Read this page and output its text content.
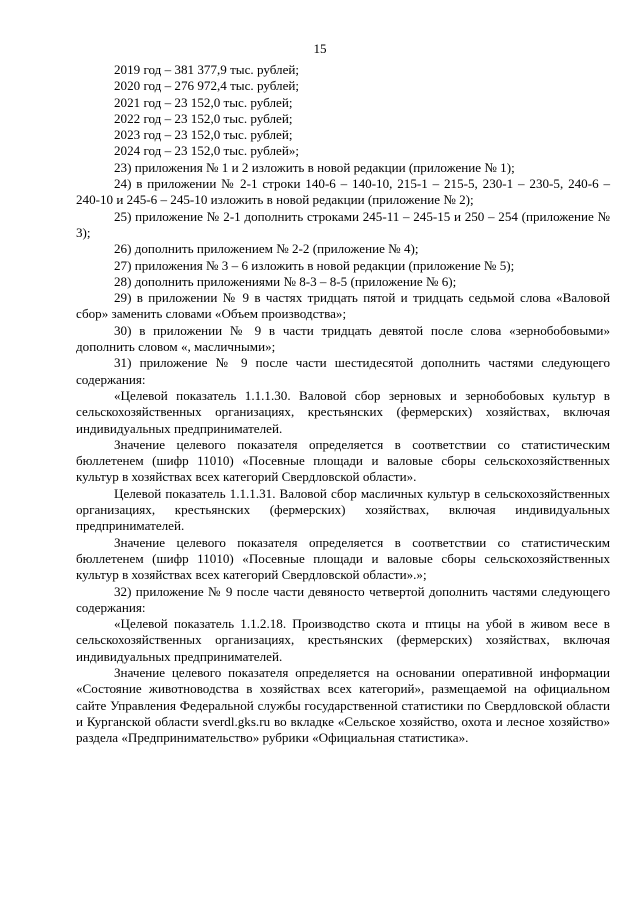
15

2019 год – 381 377,9 тыс. рублей;

2020 год – 276 972,4 тыс. рублей;

2021 год – 23 152,0 тыс. рублей;

2022 год – 23 152,0 тыс. рублей;

2023 год – 23 152,0 тыс. рублей;

2024 год – 23 152,0 тыс. рублей»;

23) приложения № 1 и 2 изложить в новой редакции (приложение № 1);

24) в приложении № 2-1 строки 140-6 – 140-10, 215-1 – 215-5, 230-1 – 230-5, 240-6 – 240-10 и 245-6 – 245-10 изложить в новой редакции (приложение № 2);

25) приложение № 2-1 дополнить строками 245-11 – 245-15 и 250 – 254 (приложение № 3);

26) дополнить приложением № 2-2 (приложение № 4);

27) приложения № 3 – 6 изложить в новой редакции (приложение № 5);

28) дополнить приложениями № 8-3 – 8-5 (приложение № 6);

29) в приложении № 9 в частях тридцать пятой и тридцать седьмой слова «Валовой сбор» заменить словами «Объем производства»;

30) в приложении № 9 в части тридцать девятой после слова «зернобобовыми» дополнить словом «, масличными»;

31) приложение № 9 после части шестидесятой дополнить частями следующего содержания:

«Целевой показатель 1.1.1.30. Валовой сбор зерновых и зернобобовых культур в сельскохозяйственных организациях, крестьянских (фермерских) хозяйствах, включая индивидуальных предпринимателей.

Значение целевого показателя определяется в соответствии со статистическим бюллетенем (шифр 11010) «Посевные площади и валовые сборы сельскохозяйственных культур в хозяйствах всех категорий Свердловской области».

Целевой показатель 1.1.1.31. Валовой сбор масличных культур в сельскохозяйственных организациях, крестьянских (фермерских) хозяйствах, включая индивидуальных предпринимателей.

Значение целевого показателя определяется в соответствии со статистическим бюллетенем (шифр 11010) «Посевные площади и валовые сборы сельскохозяйственных культур в хозяйствах всех категорий Свердловской области».»;

32) приложение № 9 после части девяносто четвертой дополнить частями следующего содержания:

«Целевой показатель 1.1.2.18. Производство скота и птицы на убой в живом весе в сельскохозяйственных организациях, крестьянских (фермерских) хозяйствах, включая индивидуальных предпринимателей.

Значение целевого показателя определяется на основании оперативной информации «Состояние животноводства в хозяйствах всех категорий», размещаемой на официальном сайте Управления Федеральной службы государственной статистики по Свердловской области и Курганской области sverdl.gks.ru во вкладке «Сельское хозяйство, охота и лесное хозяйство» раздела «Предпринимательство» рубрики «Официальная статистика».
